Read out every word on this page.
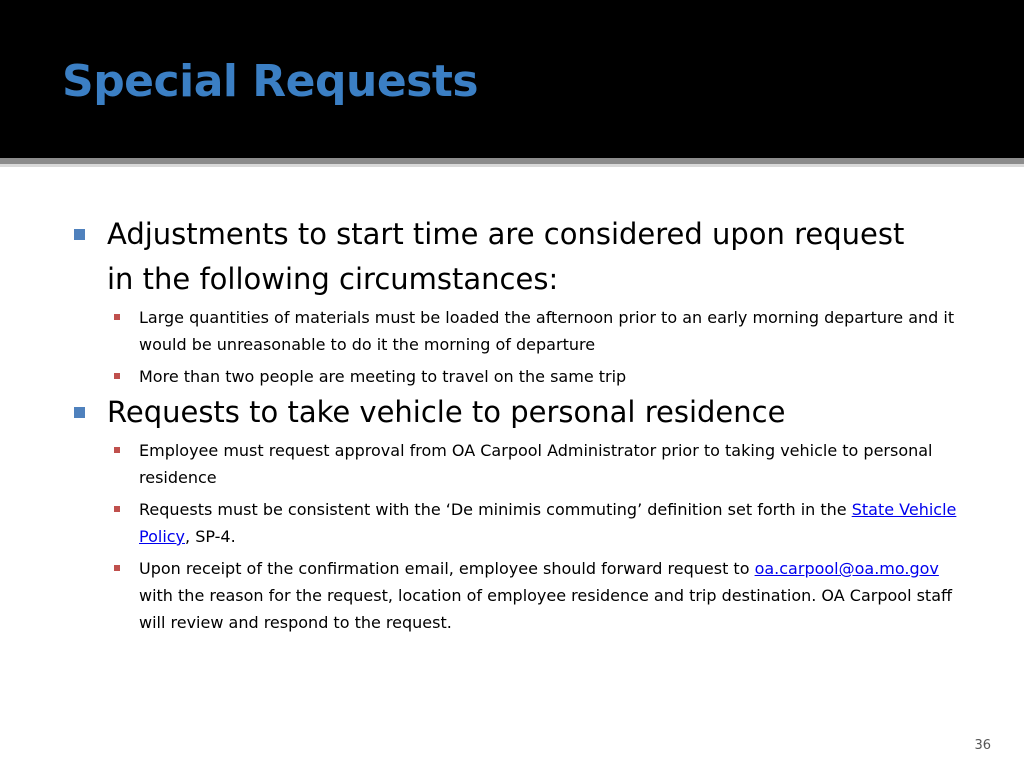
Special Requests
Adjustments to start time are considered upon request in the following circumstances:
Large quantities of materials must be loaded the afternoon prior to an early morning departure and it would be unreasonable to do it the morning of departure
More than two people are meeting to travel on the same trip
Requests to take vehicle to personal residence
Employee must request approval from OA Carpool Administrator prior to taking vehicle to personal residence
Requests must be consistent with the ‘De minimis commuting’ definition set forth in the State Vehicle Policy, SP-4.
Upon receipt of the confirmation email, employee should forward request to oa.carpool@oa.mo.gov with the reason for the request, location of employee residence and trip destination. OA Carpool staff will review and respond to the request.
36
